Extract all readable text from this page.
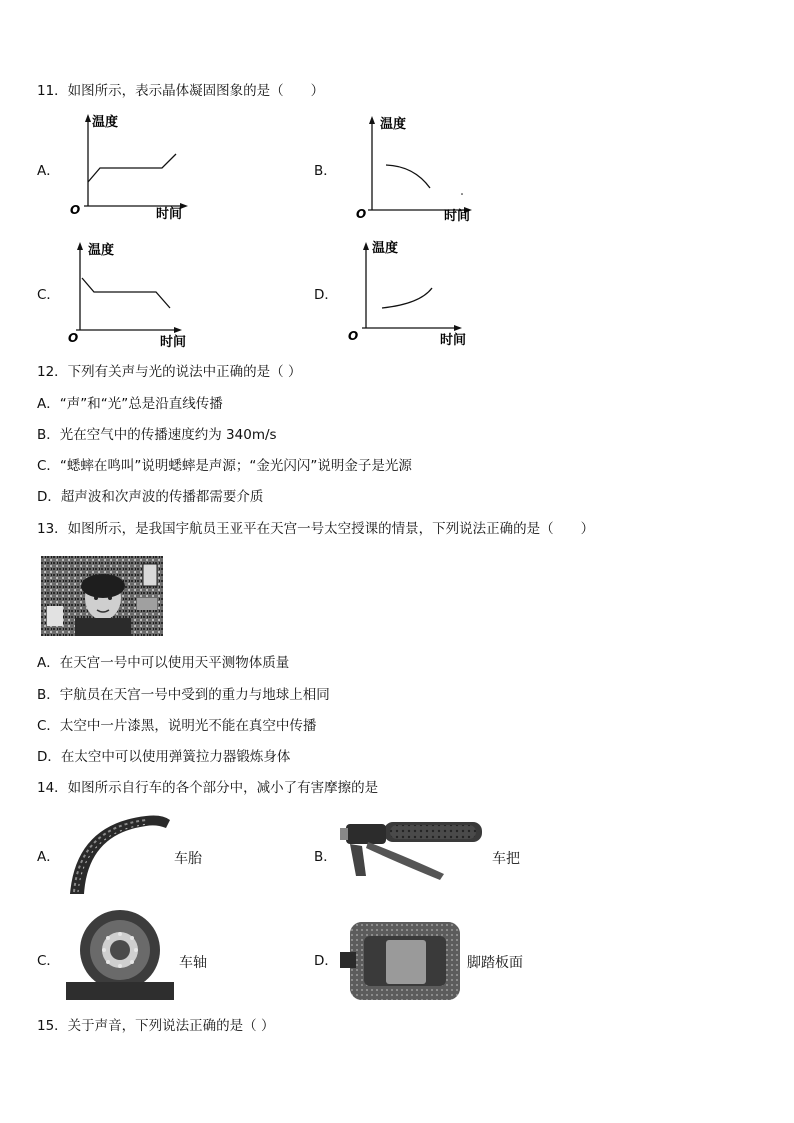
11．如图所示，表示晶体凝固图象的是（　　）
A．
温度
O	时间
B．
温度
O	时间
C．
温度
O	时间
D．
温度
O	时间
12．下列有关声与光的说法中正确的是（ ）
A．“声”和“光”总是沿直线传播
B．光在空气中的传播速度约为 340m/s
C．“蟋蟀在鸣叫”说明蟋蟀是声源；“金光闪闪”说明金子是光源
D．超声波和次声波的传播都需要介质
13．如图所示，是我国宇航员王亚平在天宫一号太空授课的情景，下列说法正确的是（　　）
A．在天宫一号中可以使用天平测物体质量
B．宇航员在天宫一号中受到的重力与地球上相同
C．太空中一片漆黑，说明光不能在真空中传播
D．在太空中可以使用弹簧拉力器锻炼身体
14．如图所示自行车的各个部分中，减小了有害摩擦的是
A．	车胎	B．	车把
C．	车轴	D．	脚踏板面
15．关于声音，下列说法正确的是（ ）
